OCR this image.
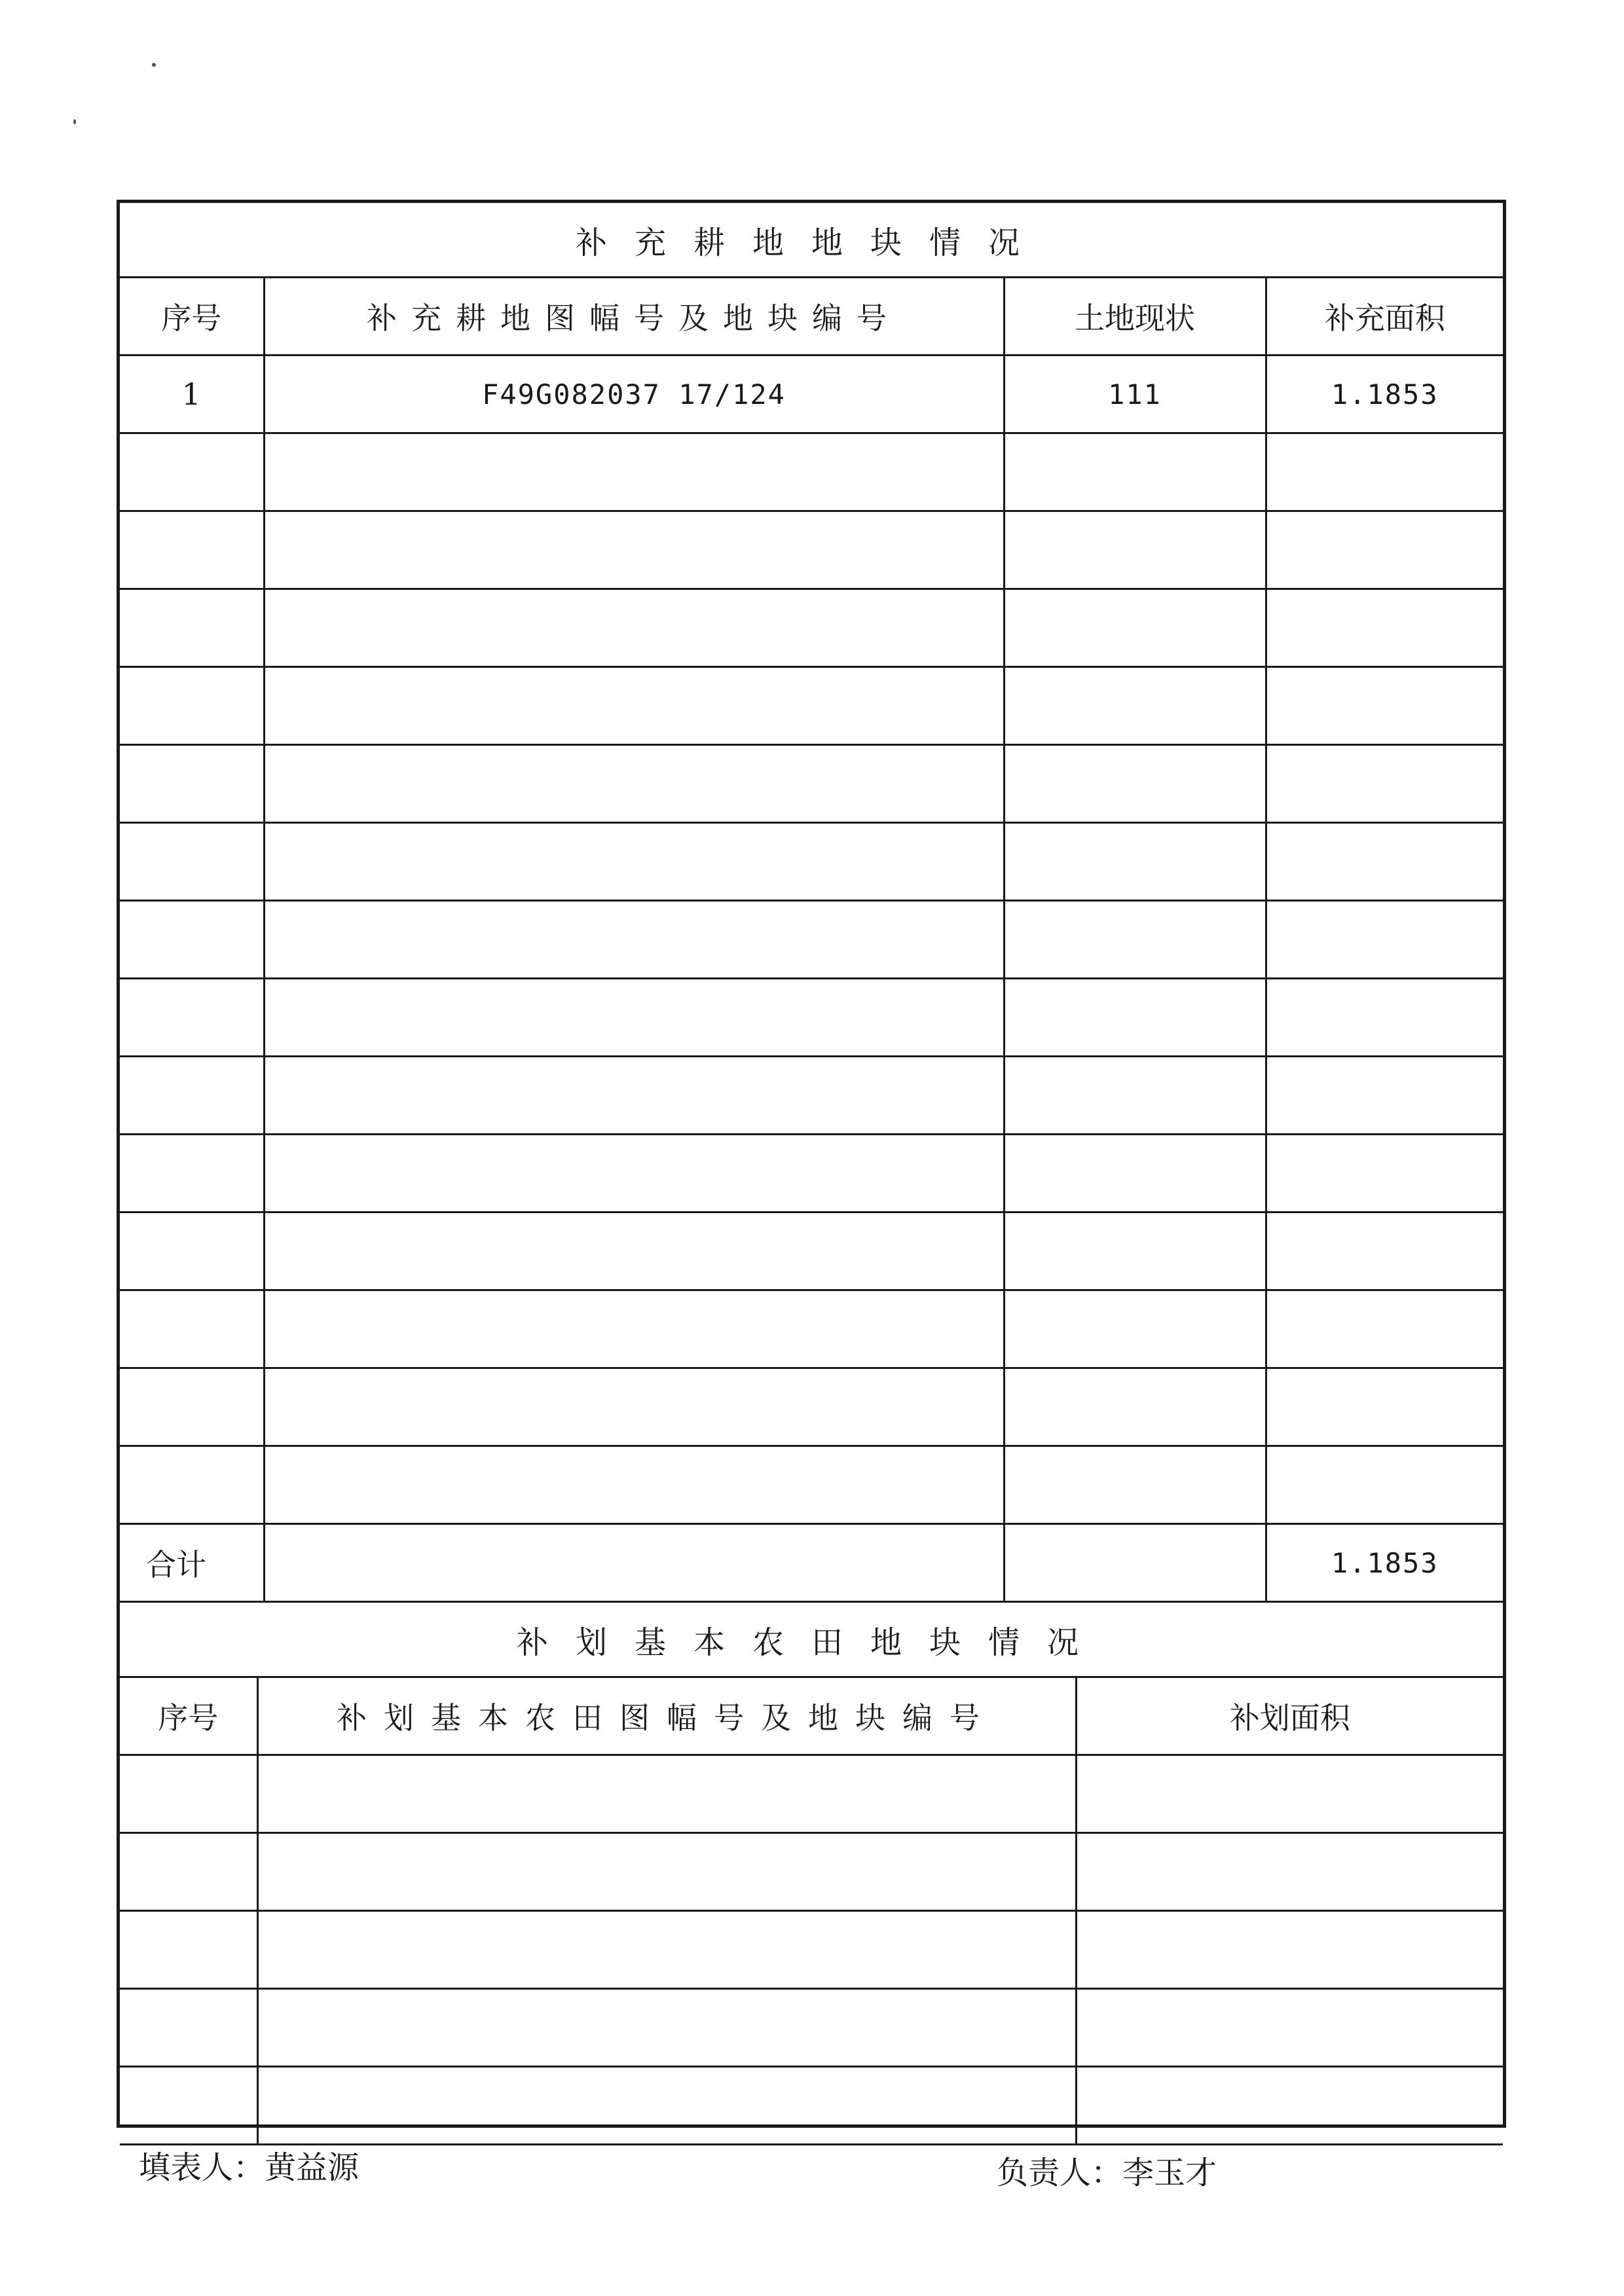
补充耕地地块情况			
序号	补充耕地图幅号及地块编号	土地现状	补充面积
1	F49G082037 17/124	111	1.1853

合计			1.1853
补划基本农田地块情况		
序号	补划基本农田图幅号及地块编号	补划面积

填表人：黄益源	负责人：李玉才
